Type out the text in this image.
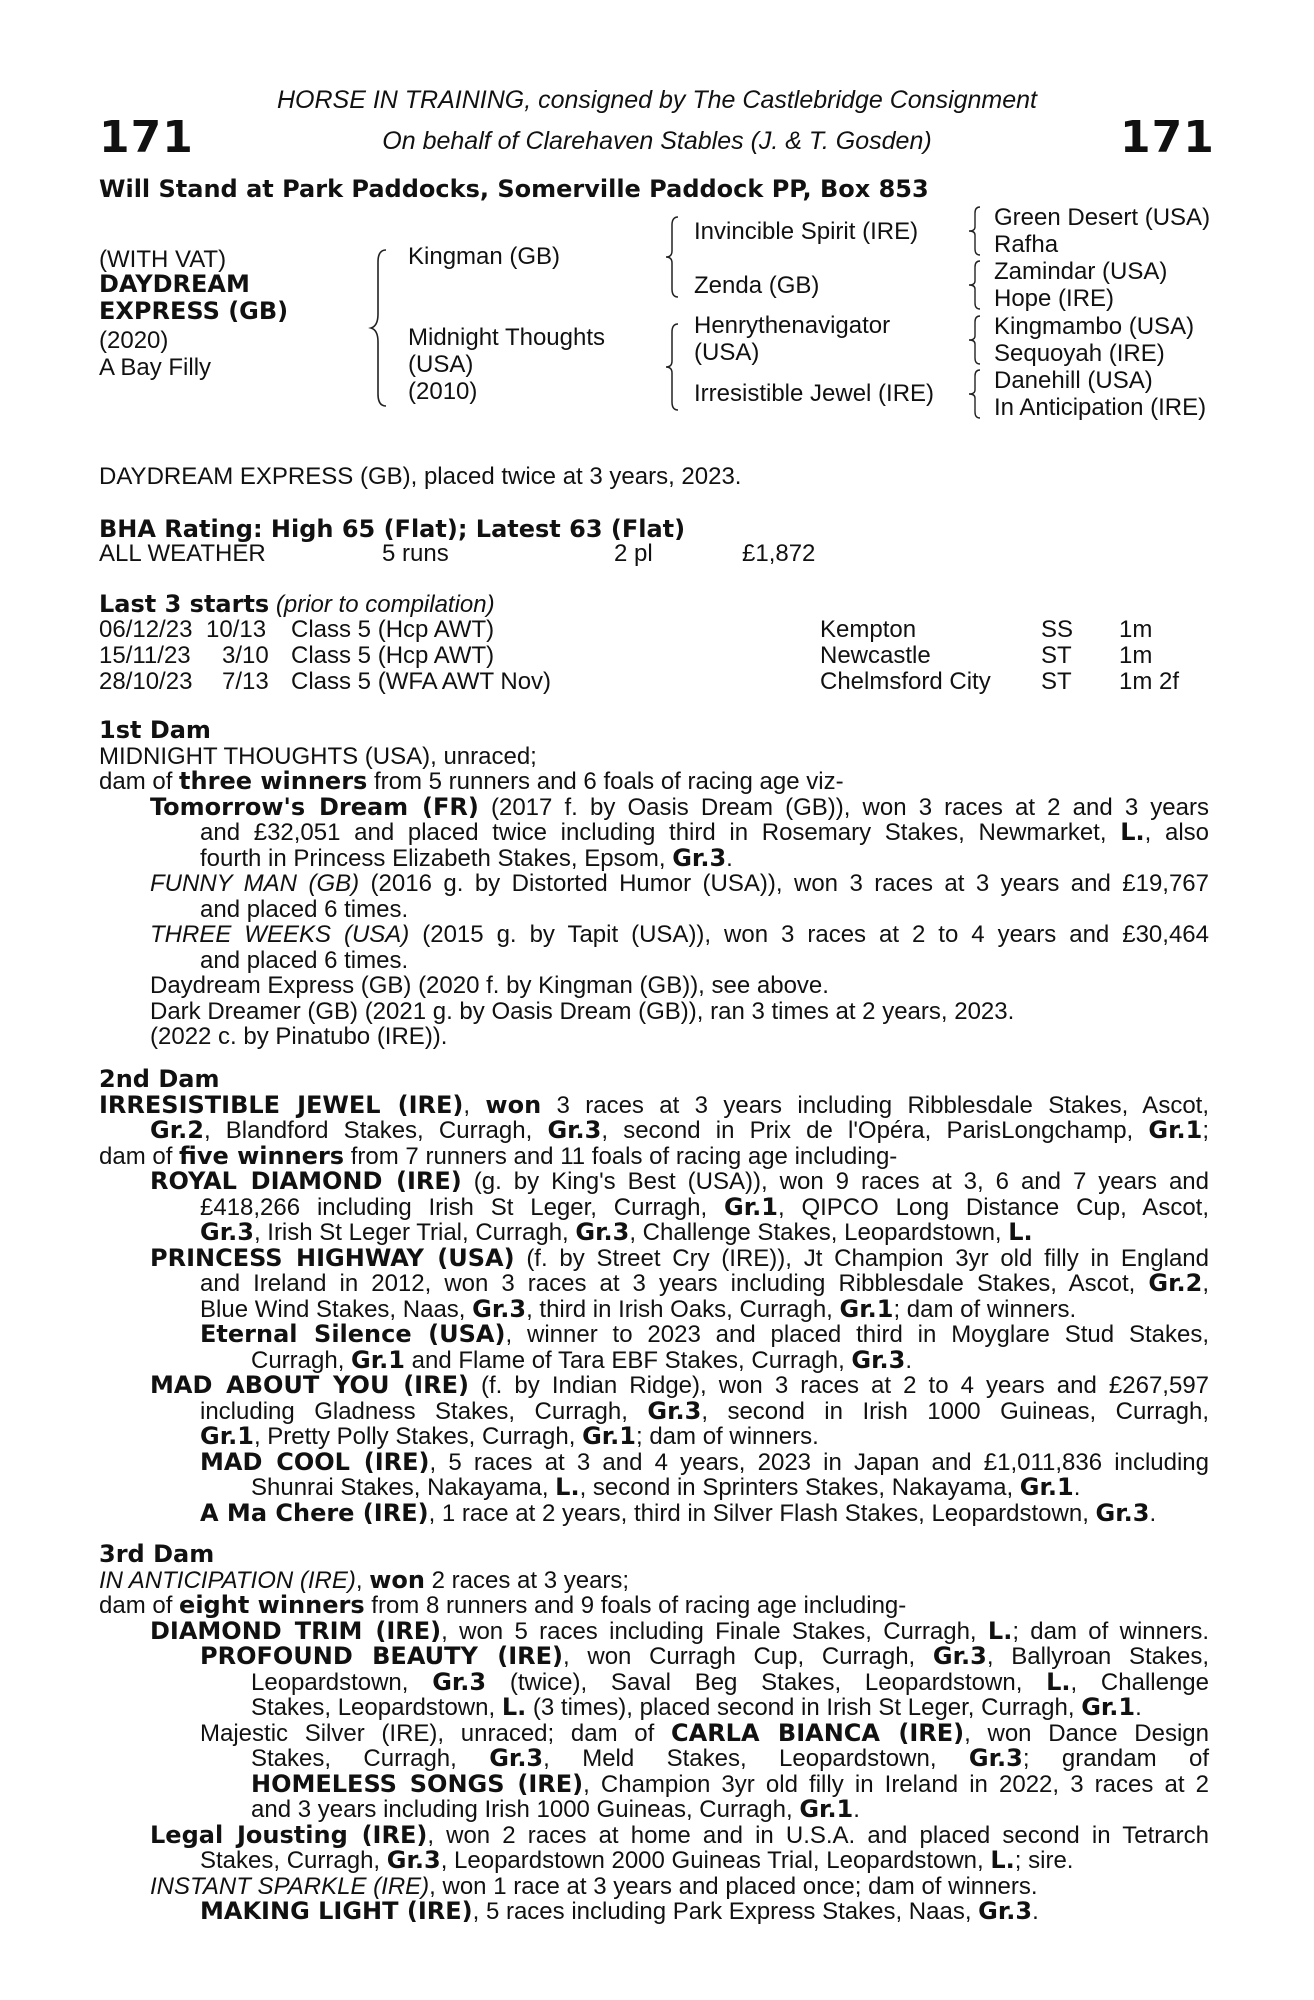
171	171
HORSE IN TRAINING, consigned by The Castlebridge Consignment
On behalf of Clarehaven Stables (J. & T. Gosden)
Will Stand at Park Paddocks, Somerville Paddock PP, Box 853
(WITH VAT)
DAYDREAM
EXPRESS (GB)
(2020)
A Bay Filly
Kingman (GB)
Midnight Thoughts
(USA)
(2010)
Invincible Spirit (IRE)
Zenda (GB)
Henrythenavigator
(USA)
Irresistible Jewel (IRE)
Green Desert (USA)
Rafha
Zamindar (USA)
Hope (IRE)
Kingmambo (USA)
Sequoyah (IRE)
Danehill (USA)
In Anticipation (IRE)
DAYDREAM EXPRESS (GB), placed twice at 3 years, 2023.
BHA Rating: High 65 (Flat); Latest 63 (Flat)
ALL WEATHER	5 runs	2 pl	£1,872
Last 3 starts (prior to compilation)
06/12/23 10/13 Class 5 (Hcp AWT)	Kempton	SS 1m
15/11/23 3/10 Class 5 (Hcp AWT)	Newcastle	ST 1m
28/10/23 7/13 Class 5 (WFA AWT Nov)	Chelmsford City ST 1m 2f
1st Dam
MIDNIGHT THOUGHTS (USA), unraced;
dam of three winners from 5 runners and 6 foals of racing age viz-
Tomorrow's Dream (FR) (2017 f. by Oasis Dream (GB)), won 3 races at 2 and 3 years
and £32,051 and placed twice including third in Rosemary Stakes, Newmarket, L., also
fourth in Princess Elizabeth Stakes, Epsom, Gr.3.
FUNNY MAN (GB) (2016 g. by Distorted Humor (USA)), won 3 races at 3 years and £19,767
and placed 6 times.
THREE WEEKS (USA) (2015 g. by Tapit (USA)), won 3 races at 2 to 4 years and £30,464
and placed 6 times.
Daydream Express (GB) (2020 f. by Kingman (GB)), see above.
Dark Dreamer (GB) (2021 g. by Oasis Dream (GB)), ran 3 times at 2 years, 2023.
(2022 c. by Pinatubo (IRE)).
2nd Dam
IRRESISTIBLE JEWEL (IRE), won 3 races at 3 years including Ribblesdale Stakes, Ascot,
Gr.2, Blandford Stakes, Curragh, Gr.3, second in Prix de l'Opéra, ParisLongchamp, Gr.1;
dam of five winners from 7 runners and 11 foals of racing age including-
ROYAL DIAMOND (IRE) (g. by King's Best (USA)), won 9 races at 3, 6 and 7 years and
£418,266 including Irish St Leger, Curragh, Gr.1, QIPCO Long Distance Cup, Ascot,
Gr.3, Irish St Leger Trial, Curragh, Gr.3, Challenge Stakes, Leopardstown, L.
PRINCESS HIGHWAY (USA) (f. by Street Cry (IRE)), Jt Champion 3yr old filly in England
and Ireland in 2012, won 3 races at 3 years including Ribblesdale Stakes, Ascot, Gr.2,
Blue Wind Stakes, Naas, Gr.3, third in Irish Oaks, Curragh, Gr.1; dam of winners.
Eternal Silence (USA), winner to 2023 and placed third in Moyglare Stud Stakes,
Curragh, Gr.1 and Flame of Tara EBF Stakes, Curragh, Gr.3.
MAD ABOUT YOU (IRE) (f. by Indian Ridge), won 3 races at 2 to 4 years and £267,597
including Gladness Stakes, Curragh, Gr.3, second in Irish 1000 Guineas, Curragh,
Gr.1, Pretty Polly Stakes, Curragh, Gr.1; dam of winners.
MAD COOL (IRE), 5 races at 3 and 4 years, 2023 in Japan and £1,011,836 including
Shunrai Stakes, Nakayama, L., second in Sprinters Stakes, Nakayama, Gr.1.
A Ma Chere (IRE), 1 race at 2 years, third in Silver Flash Stakes, Leopardstown, Gr.3.
3rd Dam
IN ANTICIPATION (IRE), won 2 races at 3 years;
dam of eight winners from 8 runners and 9 foals of racing age including-
DIAMOND TRIM (IRE), won 5 races including Finale Stakes, Curragh, L.; dam of winners.
PROFOUND BEAUTY (IRE), won Curragh Cup, Curragh, Gr.3, Ballyroan Stakes,
Leopardstown, Gr.3 (twice), Saval Beg Stakes, Leopardstown, L., Challenge
Stakes, Leopardstown, L. (3 times), placed second in Irish St Leger, Curragh, Gr.1.
Majestic Silver (IRE), unraced; dam of CARLA BIANCA (IRE), won Dance Design
Stakes, Curragh, Gr.3, Meld Stakes, Leopardstown, Gr.3; grandam of
HOMELESS SONGS (IRE), Champion 3yr old filly in Ireland in 2022, 3 races at 2
and 3 years including Irish 1000 Guineas, Curragh, Gr.1.
Legal Jousting (IRE), won 2 races at home and in U.S.A. and placed second in Tetrarch
Stakes, Curragh, Gr.3, Leopardstown 2000 Guineas Trial, Leopardstown, L.; sire.
INSTANT SPARKLE (IRE), won 1 race at 3 years and placed once; dam of winners.
MAKING LIGHT (IRE), 5 races including Park Express Stakes, Naas, Gr.3.
